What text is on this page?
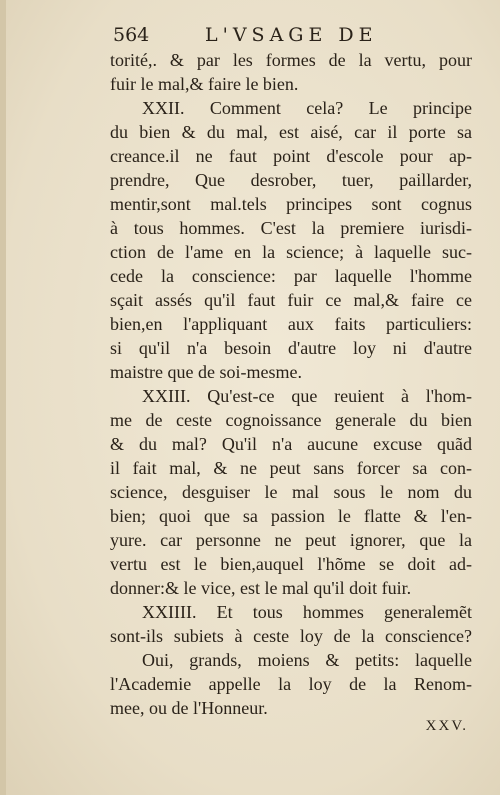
564	L'VSAGE DE
torité,. & par les formes de la vertu, pour
fuir le mal,& faire le bien.
XXII. Comment cela? Le principe
du bien & du mal, est aisé, car il porte sa
creance.il ne faut point d'escole pour ap-
prendre, Que desrober, tuer, paillarder,
mentir,sont mal.tels principes sont cognus
à tous hommes. C'est la premiere iurisdi-
ction de l'ame en la science; à laquelle suc-
cede la conscience: par laquelle l'homme
sçait assés qu'il faut fuir ce mal,& faire ce
bien,en l'appliquant aux faits particuliers:
si qu'il n'a besoin d'autre loy ni d'autre
maistre que de soi-mesme.
XXIII. Qu'est-ce que reuient à l'hom-
me de ceste cognoissance generale du bien
& du mal? Qu'il n'a aucune excuse quãd
il fait mal, & ne peut sans forcer sa con-
science, desguiser le mal sous le nom du
bien; quoi que sa passion le flatte & l'en-
yure. car personne ne peut ignorer, que la
vertu est le bien,auquel l'hõme se doit ad-
donner:& le vice, est le mal qu'il doit fuir.
XXIIII. Et tous hommes generalemẽt
sont-ils subiets à ceste loy de la conscience?
Oui, grands, moiens & petits: laquelle
l'Academie appelle la loy de la Renom-
mee, ou de l'Honneur.
XXV.
